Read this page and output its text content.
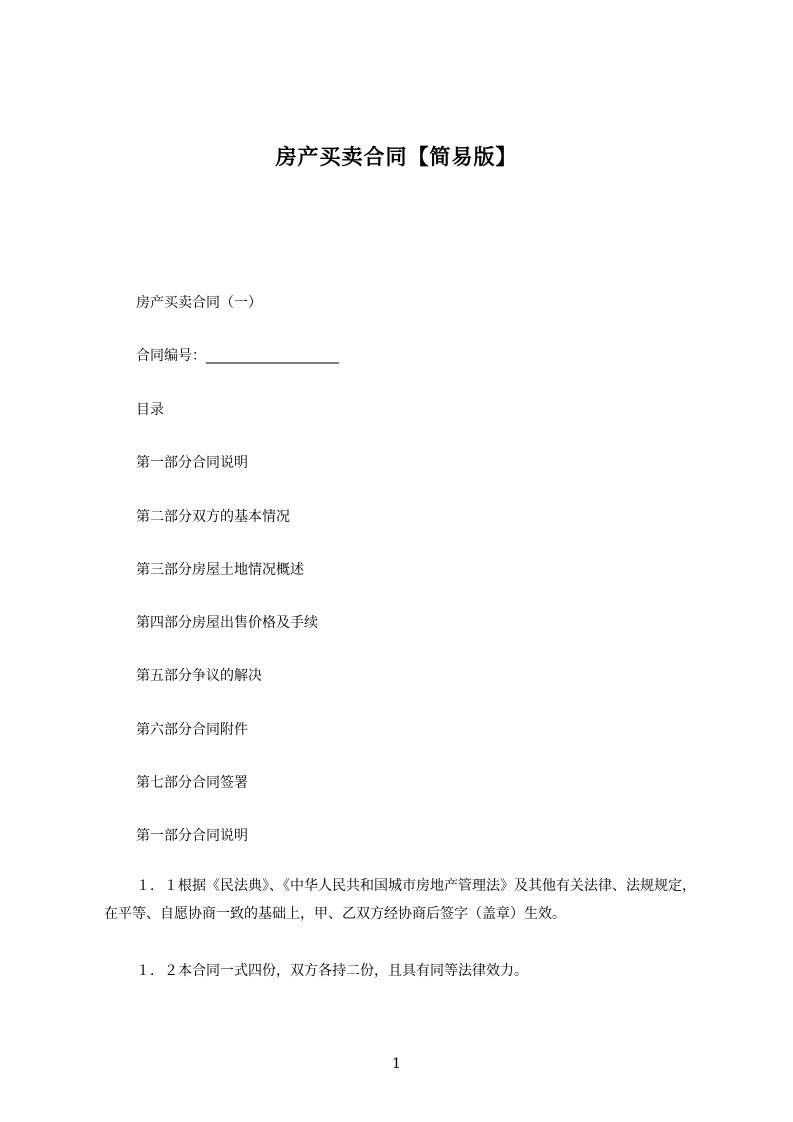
房产买卖合同【简易版】
房产买卖合同（一）
合同编号：___________________
目录
第一部分合同说明
第二部分双方的基本情况
第三部分房屋土地情况概述
第四部分房屋出售价格及手续
第五部分争议的解决
第六部分合同附件
第七部分合同签署
第一部分合同说明
１．１根据《民法典》、《中华人民共和国城市房地产管理法》及其他有关法律、法规规定，在平等、自愿协商一致的基础上，甲、乙双方经协商后签字（盖章）生效。
１．２本合同一式四份，双方各持二份，且具有同等法律效力。
1
